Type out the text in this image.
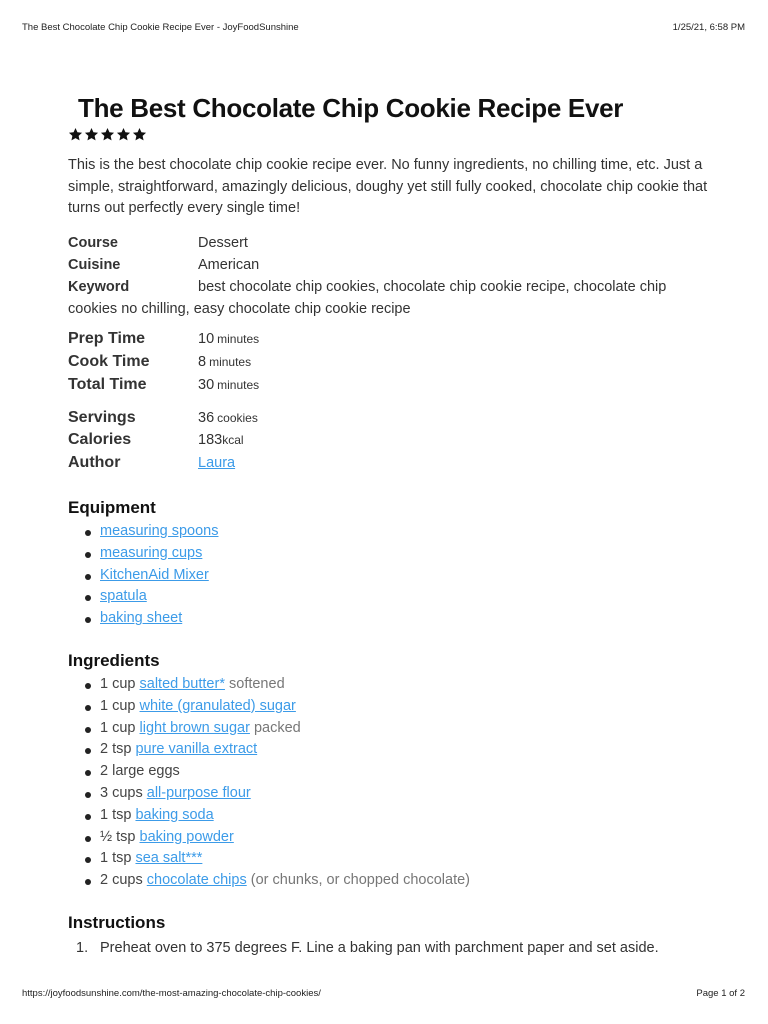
The Best Chocolate Chip Cookie Recipe Ever - JoyFoodSunshine	1/25/21, 6:58 PM
The Best Chocolate Chip Cookie Recipe Ever
This is the best chocolate chip cookie recipe ever. No funny ingredients, no chilling time, etc. Just a simple, straightforward, amazingly delicious, doughy yet still fully cooked, chocolate chip cookie that turns out perfectly every single time!
Course	Dessert
Cuisine	American
Keyword	best chocolate chip cookies, chocolate chip cookie recipe, chocolate chip cookies no chilling, easy chocolate chip cookie recipe
Prep Time	10 minutes
Cook Time	8 minutes
Total Time	30 minutes
Servings	36 cookies
Calories	183 kcal
Author	Laura
Equipment
measuring spoons
measuring cups
KitchenAid Mixer
spatula
baking sheet
Ingredients
1 cup salted butter* softened
1 cup white (granulated) sugar
1 cup light brown sugar packed
2 tsp pure vanilla extract
2 large eggs
3 cups all-purpose flour
1 tsp baking soda
½ tsp baking powder
1 tsp sea salt***
2 cups chocolate chips (or chunks, or chopped chocolate)
Instructions
1. Preheat oven to 375 degrees F. Line a baking pan with parchment paper and set aside.
https://joyfoodsunshine.com/the-most-amazing-chocolate-chip-cookies/	Page 1 of 2
